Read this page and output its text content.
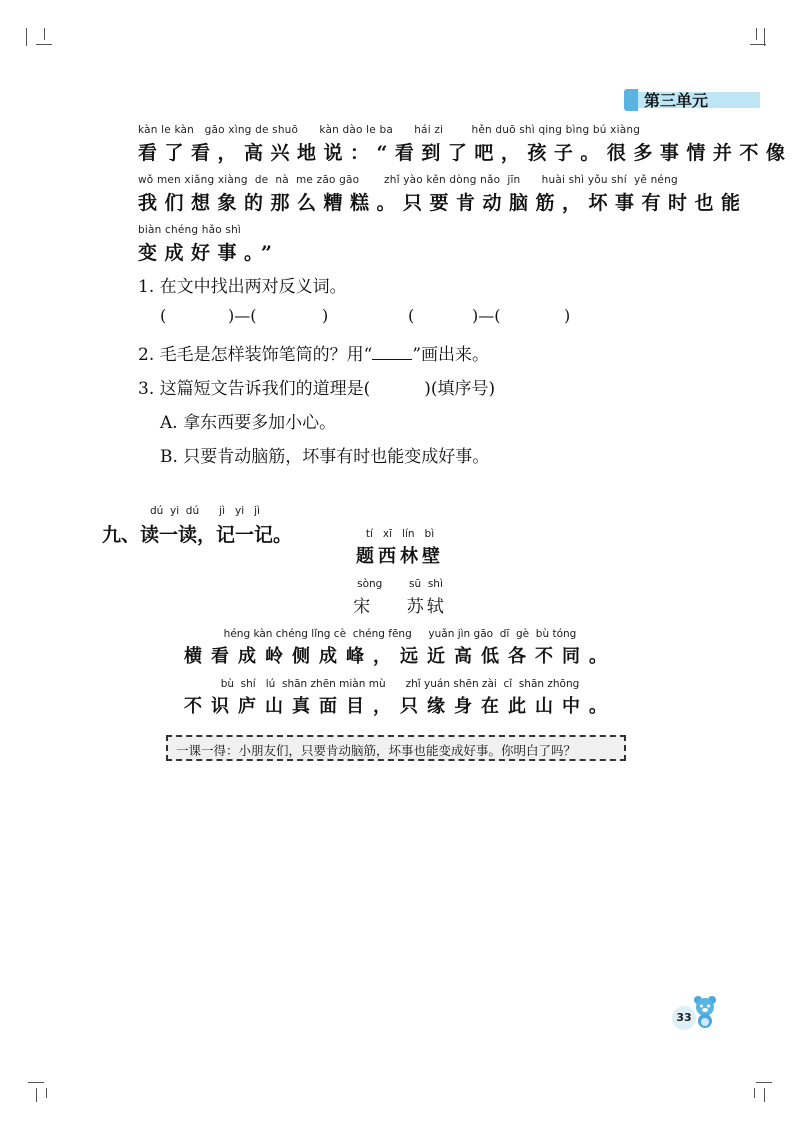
第三单元
kàn le kàn   gāo xìng de shuō      kàn dào le ba      hái zi        hěn duō shì qing bìng bú xiàng
看了看，高兴地说：“看到了吧，孩子。很多事情并不像
wǒ men xiǎng xiàng  de  nà  me zāo gāo       zhǐ yào kěn dòng nǎo  jīn      huài shì yǒu shí  yě néng
我们想象的那么糟糕。只要肯动脑筋，坏事有时也能
biàn chéng hǎo shì
变成好事。”
1. 在文中找出两对反义词。
(	)—(	)	(	)—(	)
2. 毛毛是怎样装饰笔筒的？用“ ”画出来。
3. 这篇短文告诉我们的道理是(          )(填序号)
A. 拿东西要多加小心。
B. 只要肯动脑筋，坏事有时也能变成好事。
dú  yi  dú      jì   yi   jì
九、读一读，记一记。	tí   xī   lín   bì
题西林壁
sòng        sū  shì
宋    苏轼
héng kàn chéng lǐng cè  chéng fēng     yuǎn jìn gāo  dī  gè  bù tóng
横看成岭侧成峰，远近高低各不同。
bù  shí   lú  shān zhēn miàn mù      zhǐ yuán shēn zài  cǐ  shān zhōng
不识庐山真面目，只缘身在此山中。
一课一得：小朋友们，只要肯动脑筋，坏事也能变成好事。你明白了吗？
33
